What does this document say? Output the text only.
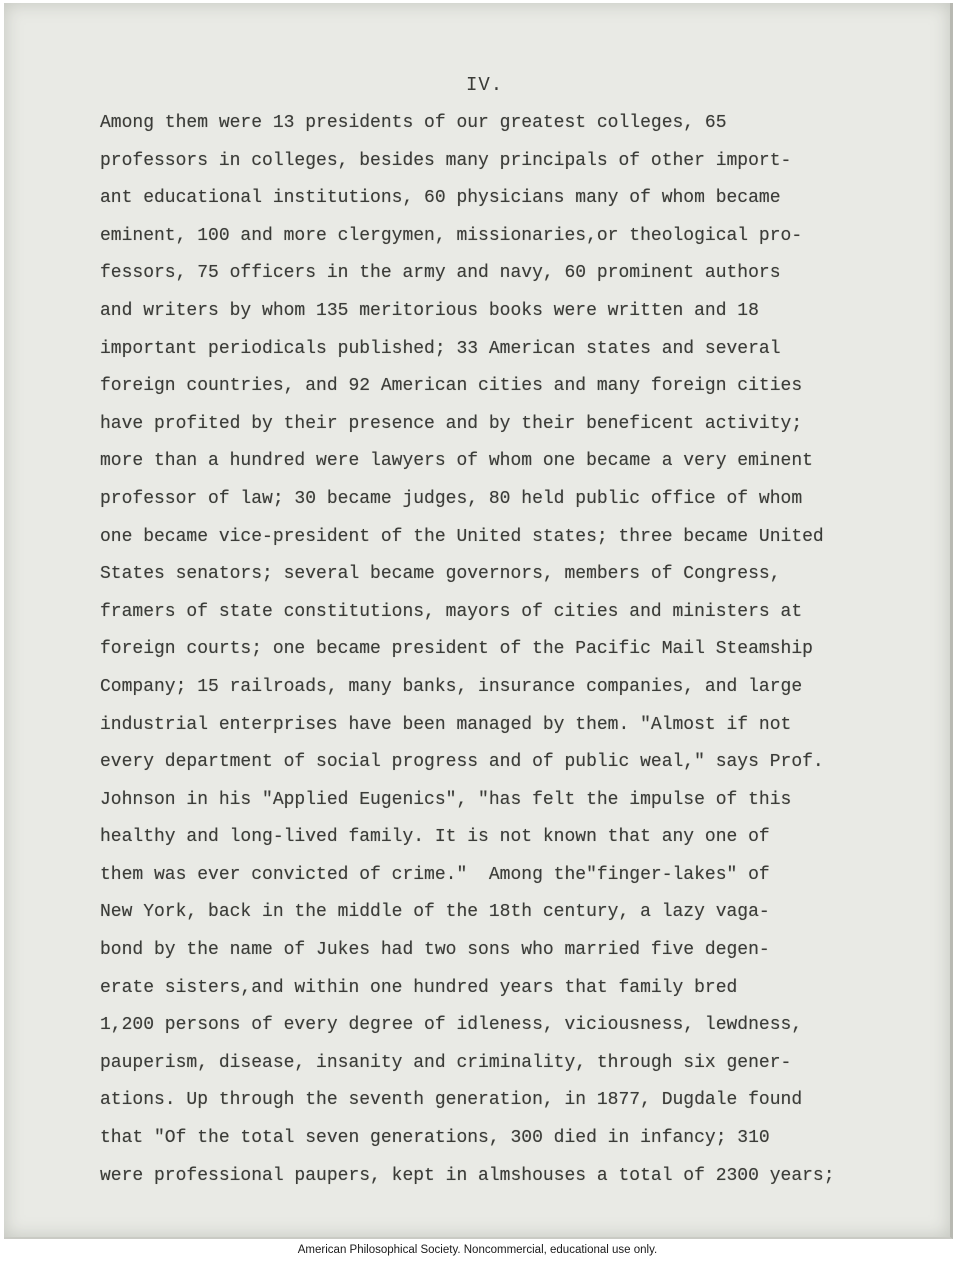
IV.
Among them were 13 presidents of our greatest colleges, 65
professors in colleges, besides many principals of other import-
ant educational institutions, 60 physicians many of whom became
eminent, 100 and more clergymen, missionaries,or theological pro-
fessors, 75 officers in the army and navy, 60 prominent authors
and writers by whom 135 meritorious books were written and 18
important periodicals published; 33 American states and several
foreign countries, and 92 American cities and many foreign cities
have profited by their presence and by their beneficent activity;
more than a hundred were lawyers of whom one became a very eminent
professor of law; 30 became judges, 80 held public office of whom
one became vice-president of the United states; three became United
States senators; several became governors, members of Congress,
framers of state constitutions, mayors of cities and ministers at
foreign courts; one became president of the Pacific Mail Steamship
Company; 15 railroads, many banks, insurance companies, and large
industrial enterprises have been managed by them. "Almost if not
every department of social progress and of public weal," says Prof.
Johnson in his "Applied Eugenics", "has felt the impulse of this
healthy and long-lived family. It is not known that any one of
them was ever convicted of crime."  Among the"finger-lakes" of
New York, back in the middle of the 18th century, a lazy vaga-
bond by the name of Jukes had two sons who married five degen-
erate sisters,and within one hundred years that family bred
1,200 persons of every degree of idleness, viciousness, lewdness,
pauperism, disease, insanity and criminality, through six gener-
ations. Up through the seventh generation, in 1877, Dugdale found
that "Of the total seven generations, 300 died in infancy; 310
were professional paupers, kept in almshouses a total of 2300 years;
American Philosophical Society. Noncommercial, educational use only.
